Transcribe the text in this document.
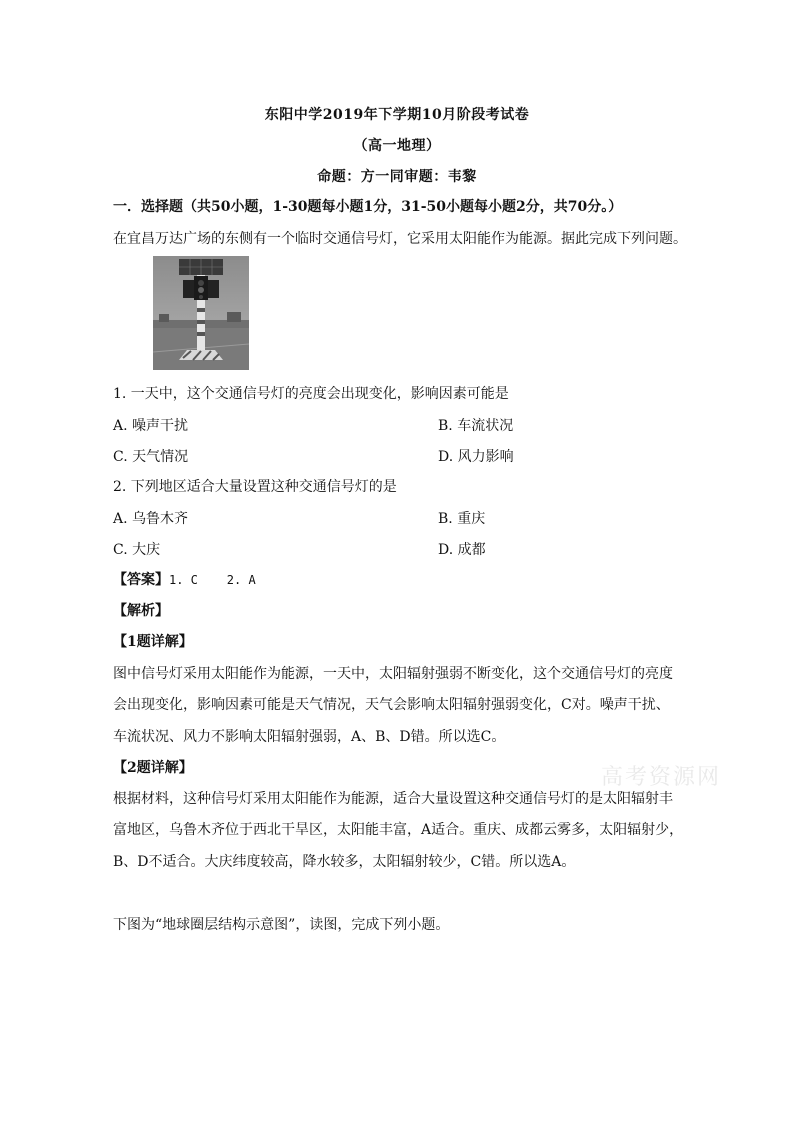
东阳中学2019年下学期10月阶段考试卷
（高一地理）
命题：方一同审题：韦黎
一．选择题（共50小题，1-30题每小题1分，31-50小题每小题2分，共70分。）
在宜昌万达广场的东侧有一个临时交通信号灯，它采用太阳能作为能源。据此完成下列问题。
1. 一天中，这个交通信号灯的亮度会出现变化，影响因素可能是
A. 噪声干扰	B. 车流状况
C. 天气情况	D. 风力影响
2. 下列地区适合大量设置这种交通信号灯的是
A. 乌鲁木齐	B. 重庆
C. 大庆	D. 成都
【答案】1. C    2. A
【解析】
【1题详解】
图中信号灯采用太阳能作为能源，一天中，太阳辐射强弱不断变化，这个交通信号灯的亮度
会出现变化，影响因素可能是天气情况，天气会影响太阳辐射强弱变化，C对。噪声干扰、
车流状况、风力不影响太阳辐射强弱，A、B、D错。所以选C。
【2题详解】
根据材料，这种信号灯采用太阳能作为能源，适合大量设置这种交通信号灯的是太阳辐射丰
富地区，乌鲁木齐位于西北干旱区，太阳能丰富，A适合。重庆、成都云雾多，太阳辐射少，
B、D不适合。大庆纬度较高，降水较多，太阳辐射较少，C错。所以选A。
下图为“地球圈层结构示意图”，读图，完成下列小题。
高考资源网
